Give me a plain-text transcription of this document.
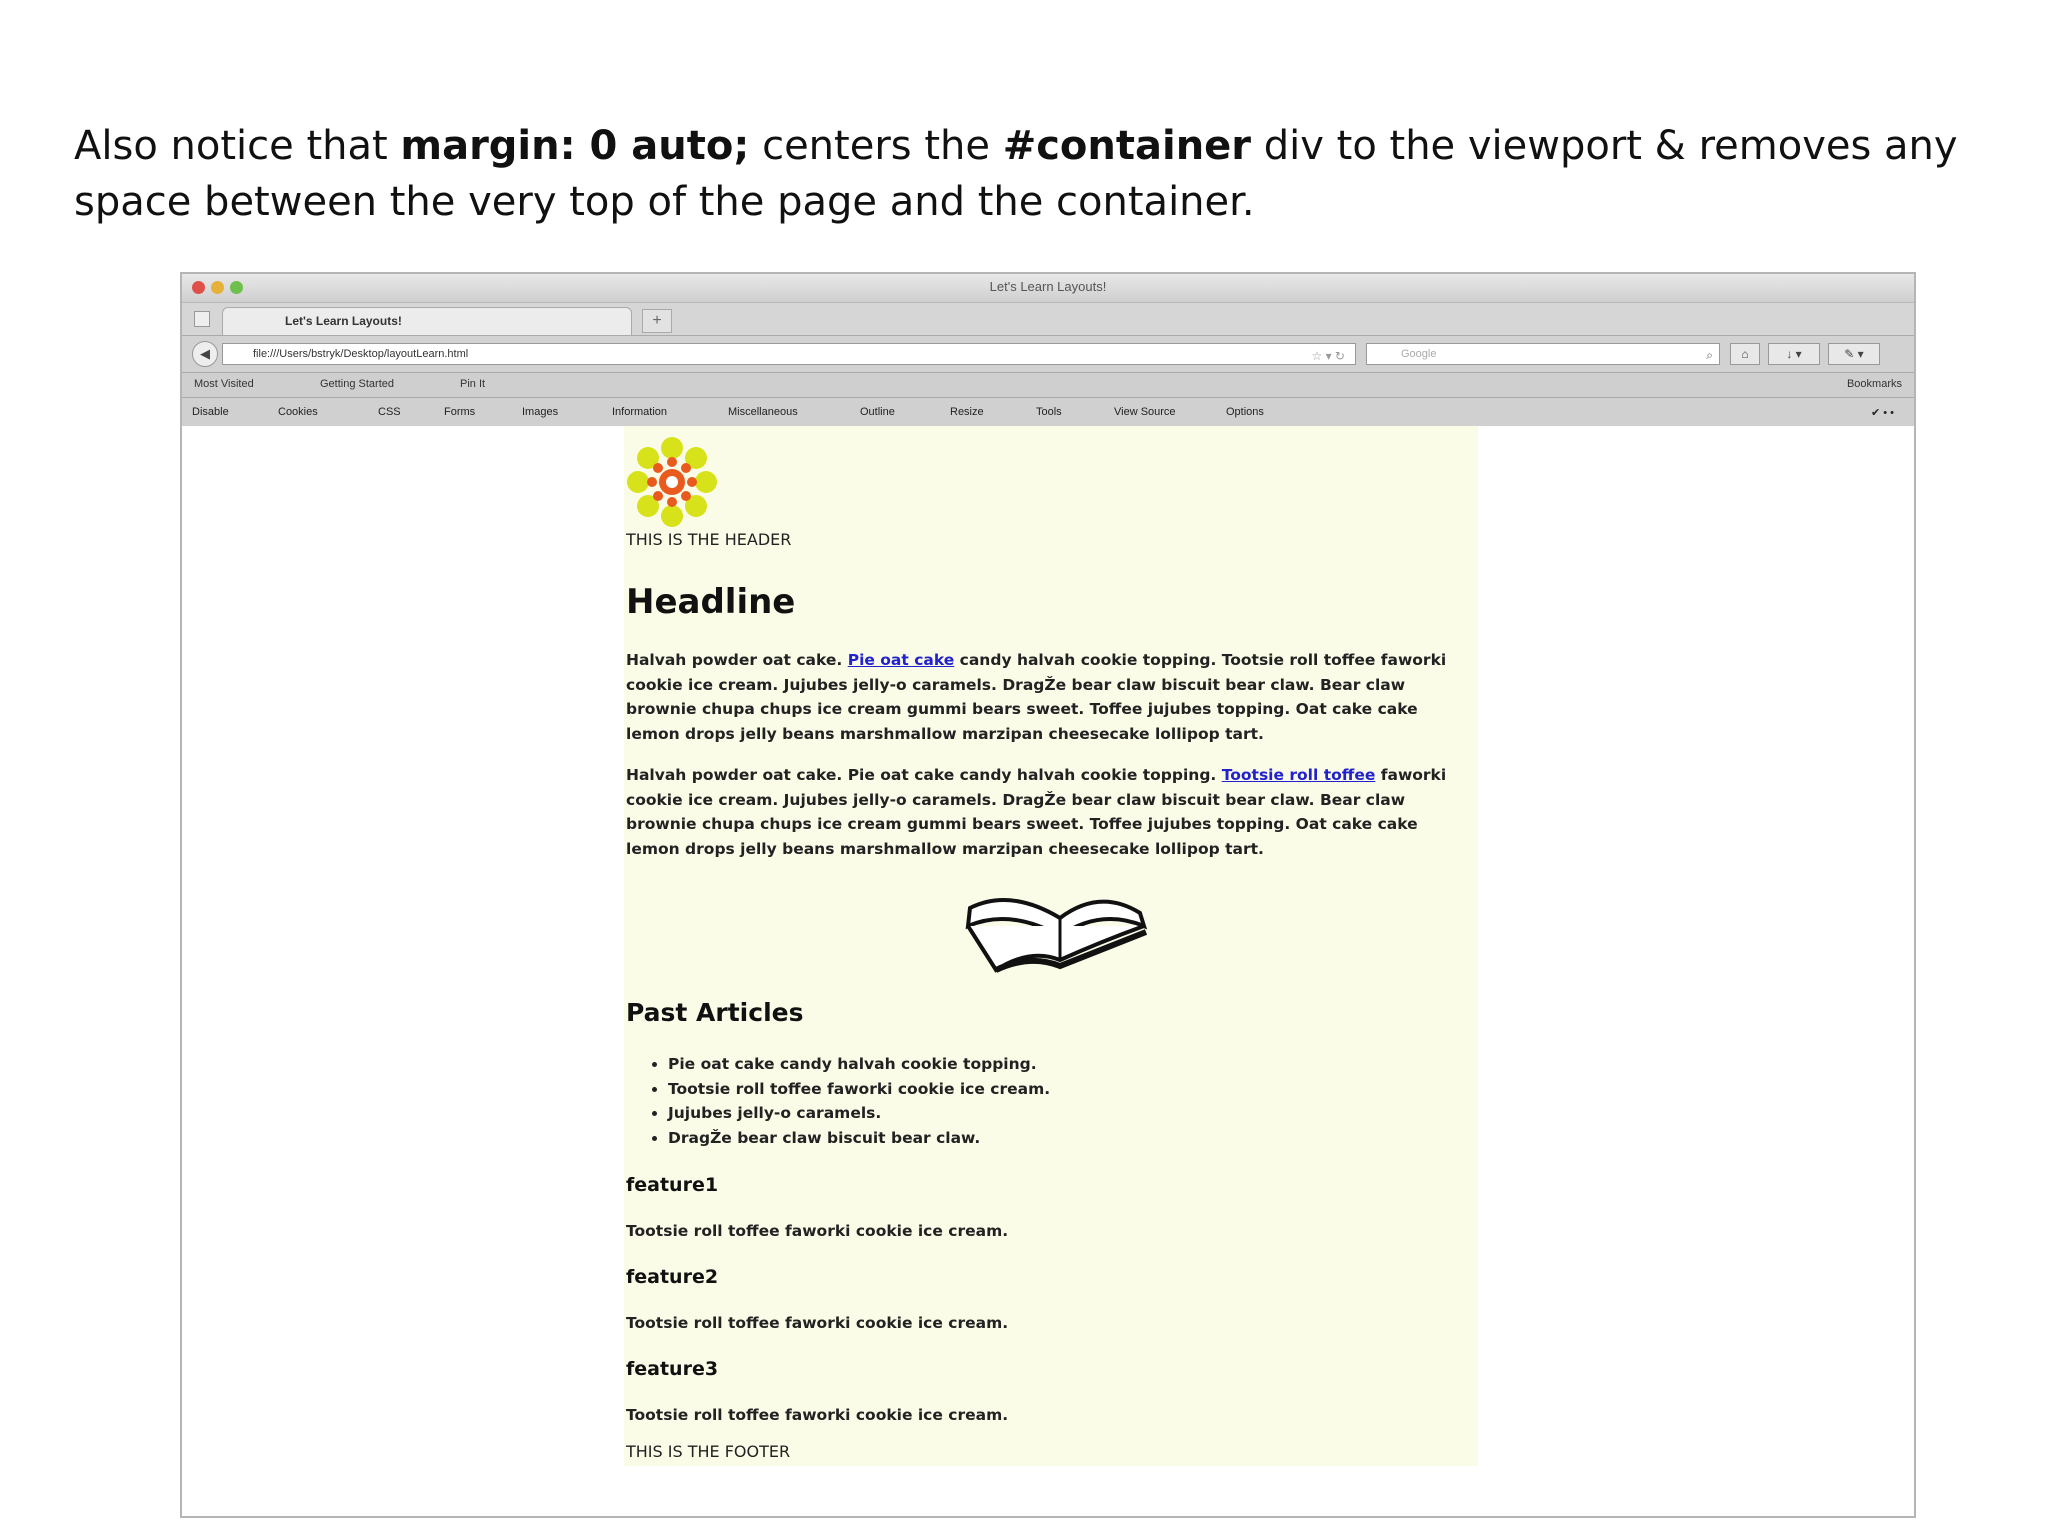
Also notice that margin: 0 auto; centers the #container div to the viewport & removes any space between the very top of the page and the container.
Let's Learn Layouts!
Let's Learn Layouts!	+
◀	file:///Users/bstryk/Desktop/layoutLearn.html	☆ ▾ ↻	Google	⌕	⌂	↓ ▾	✎ ▾
Most Visited	Getting Started	Pin It	Bookmarks
Disable	Cookies	CSS	Forms	Images	Information	Miscellaneous	Outline	Resize	Tools	View Source	Options	✔ • •
THIS IS THE HEADER
Headline
Halvah powder oat cake. Pie oat cake candy halvah cookie topping. Tootsie roll toffee faworki cookie ice cream. Jujubes jelly-o caramels. DragŽe bear claw biscuit bear claw. Bear claw brownie chupa chups ice cream gummi bears sweet. Toffee jujubes topping. Oat cake cake lemon drops jelly beans marshmallow marzipan cheesecake lollipop tart.
Halvah powder oat cake. Pie oat cake candy halvah cookie topping. Tootsie roll toffee faworki cookie ice cream. Jujubes jelly-o caramels. DragŽe bear claw biscuit bear claw. Bear claw brownie chupa chups ice cream gummi bears sweet. Toffee jujubes topping. Oat cake cake lemon drops jelly beans marshmallow marzipan cheesecake lollipop tart.
Past Articles
• Pie oat cake candy halvah cookie topping.
• Tootsie roll toffee faworki cookie ice cream.
• Jujubes jelly-o caramels.
• DragŽe bear claw biscuit bear claw.
feature1
Tootsie roll toffee faworki cookie ice cream.
feature2
Tootsie roll toffee faworki cookie ice cream.
feature3
Tootsie roll toffee faworki cookie ice cream.
THIS IS THE FOOTER
